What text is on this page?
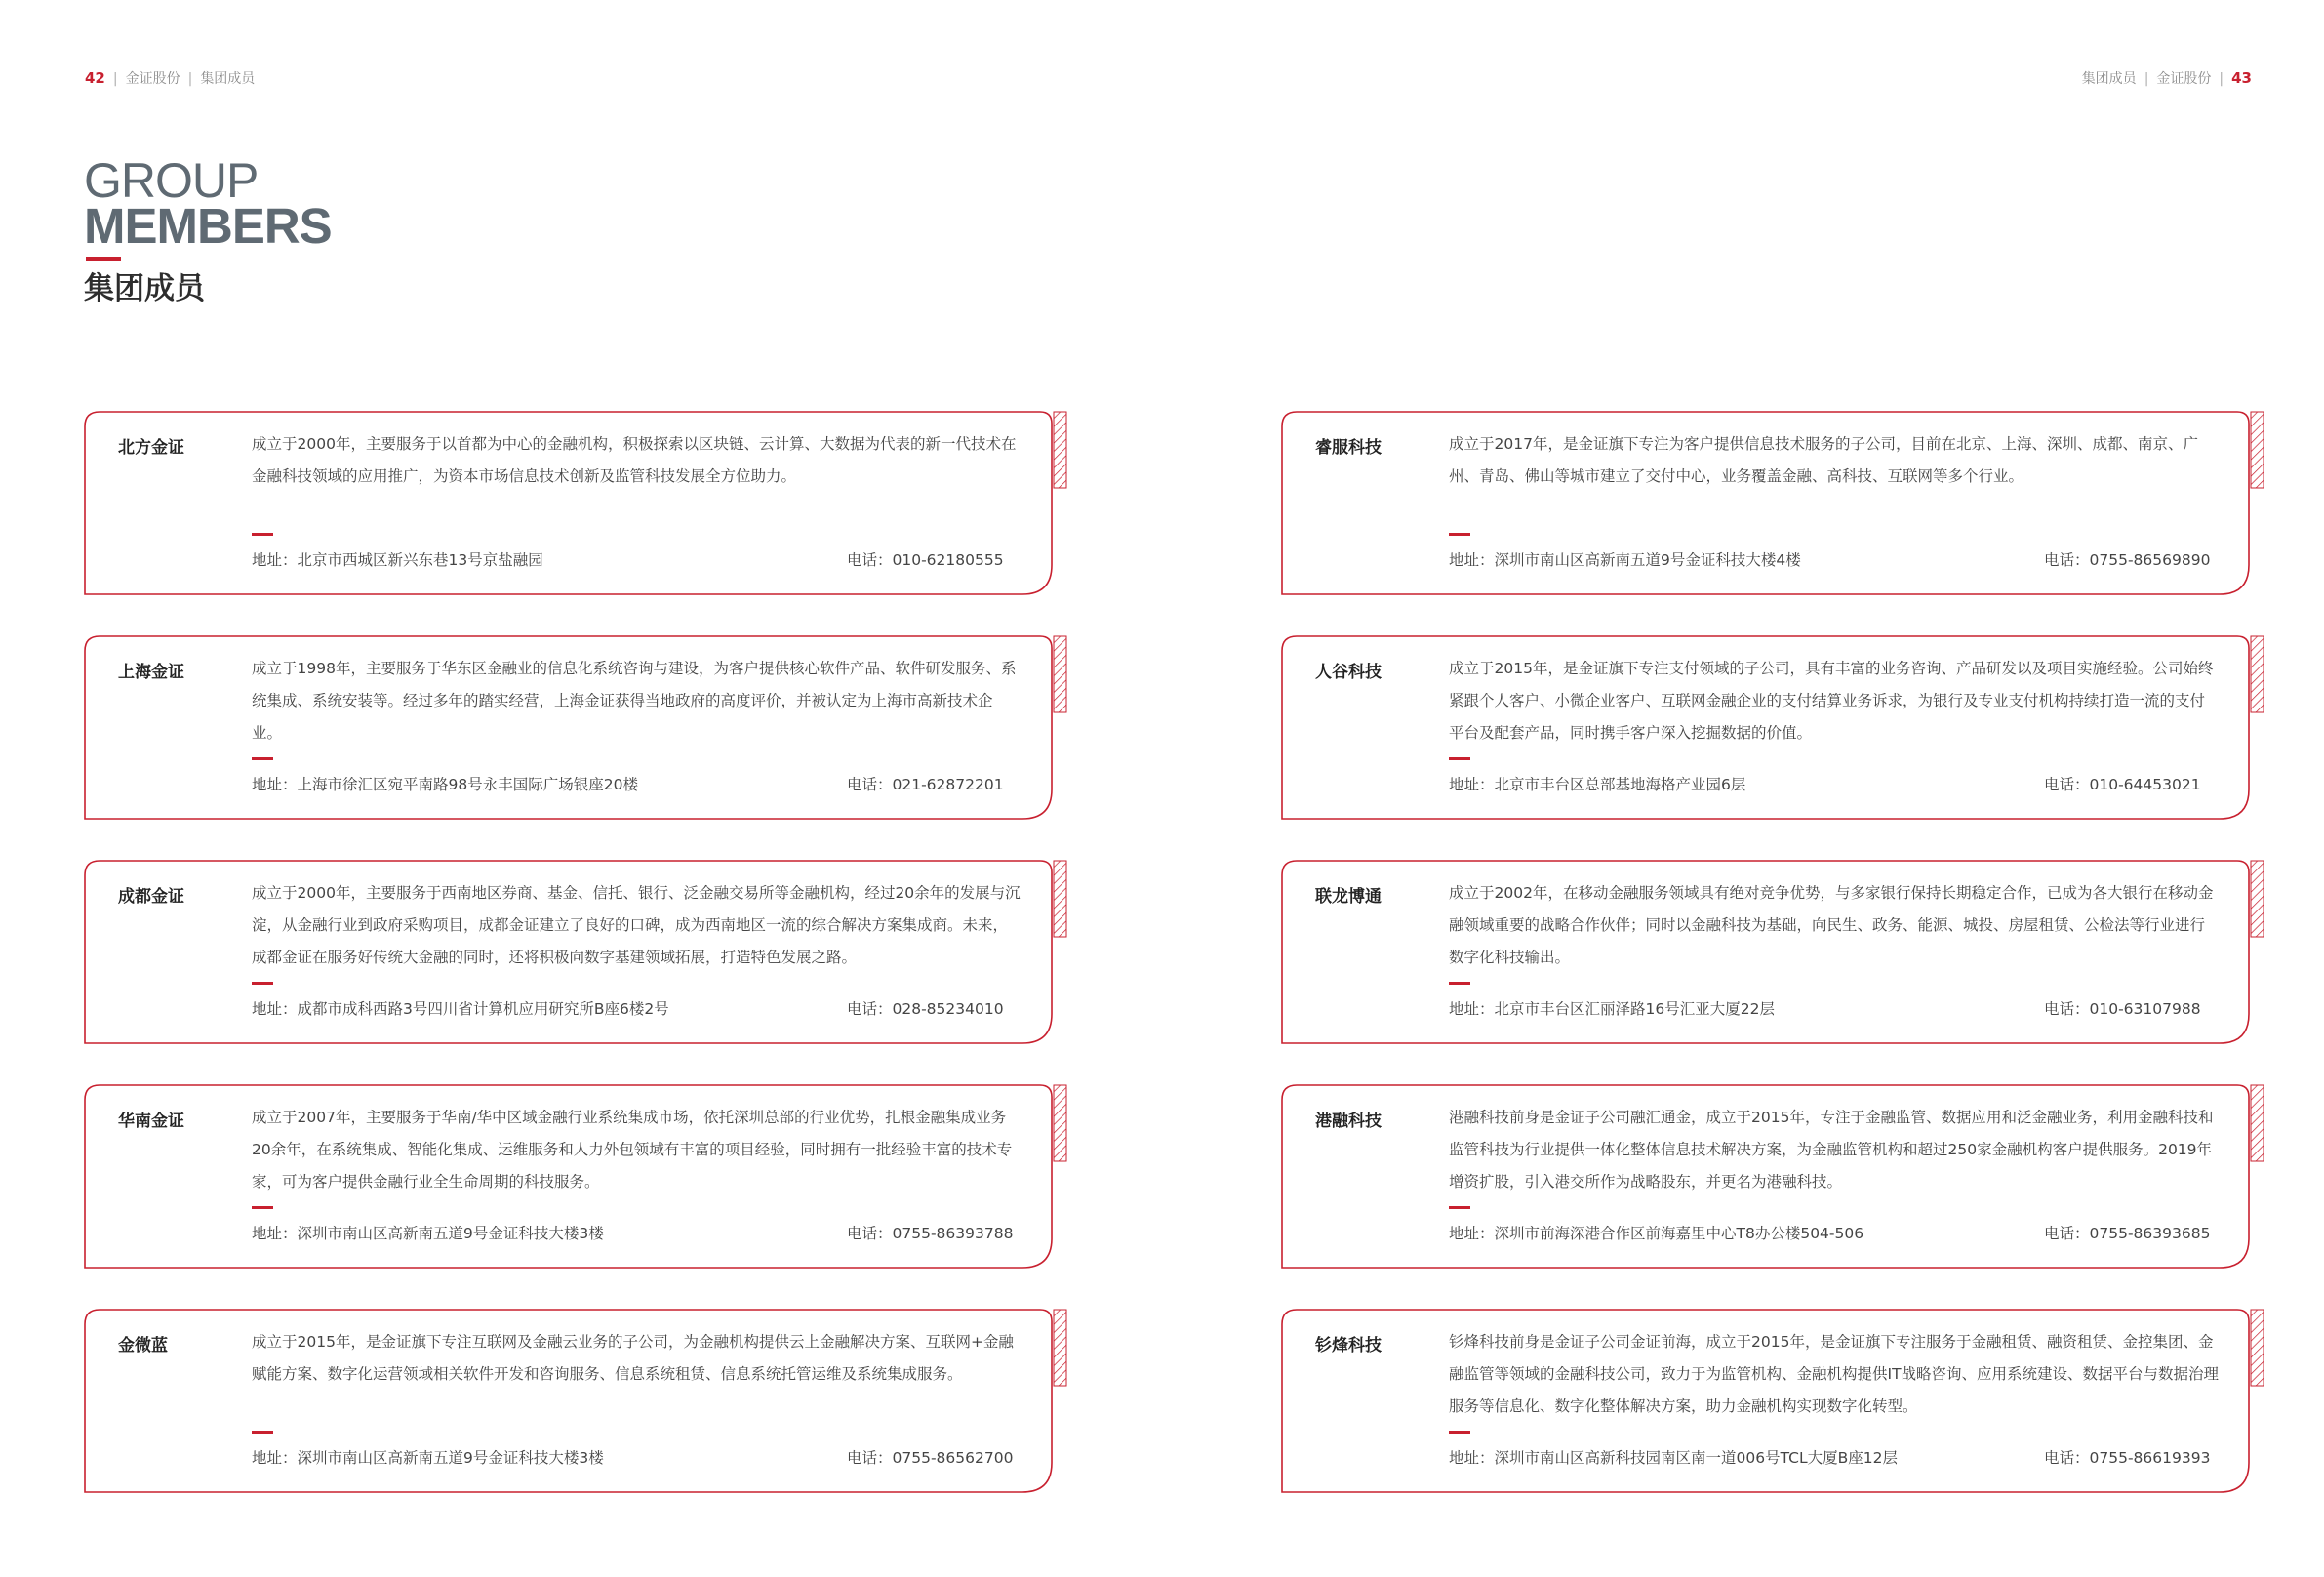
42 | 金证股份 | 集团成员	集团成员 | 金证股份 | 43
GROUP
MEMBERS
集团成员
北方金证	成立于2000年，主要服务于以首都为中心的金融机构，积极探索以区块链、云计算、大数据为代表的新一代技术在金融科技领域的应用推广，为资本市场信息技术创新及监管科技发展全方位助力。
地址：北京市西城区新兴东巷13号京盐融园	电话：010-62180555
上海金证	成立于1998年，主要服务于华东区金融业的信息化系统咨询与建设，为客户提供核心软件产品、软件研发服务、系统集成、系统安装等。经过多年的踏实经营，上海金证获得当地政府的高度评价，并被认定为上海市高新技术企业。
地址：上海市徐汇区宛平南路98号永丰国际广场银座20楼	电话：021-62872201
成都金证	成立于2000年，主要服务于西南地区券商、基金、信托、银行、泛金融交易所等金融机构，经过20余年的发展与沉淀，从金融行业到政府采购项目，成都金证建立了良好的口碑，成为西南地区一流的综合解决方案集成商。未来，成都金证在服务好传统大金融的同时，还将积极向数字基建领域拓展，打造特色发展之路。
地址：成都市成科西路3号四川省计算机应用研究所B座6楼2号	电话：028-85234010
华南金证	成立于2007年，主要服务于华南/华中区域金融行业系统集成市场，依托深圳总部的行业优势，扎根金融集成业务20余年，在系统集成、智能化集成、运维服务和人力外包领域有丰富的项目经验，同时拥有一批经验丰富的技术专家，可为客户提供金融行业全生命周期的科技服务。
地址：深圳市南山区高新南五道9号金证科技大楼3楼	电话：0755-86393788
金微蓝	成立于2015年，是金证旗下专注互联网及金融云业务的子公司，为金融机构提供云上金融解决方案、互联网+金融赋能方案、数字化运营领域相关软件开发和咨询服务、信息系统租赁、信息系统托管运维及系统集成服务。
地址：深圳市南山区高新南五道9号金证科技大楼3楼	电话：0755-86562700
睿服科技	成立于2017年，是金证旗下专注为客户提供信息技术服务的子公司，目前在北京、上海、深圳、成都、南京、广州、青岛、佛山等城市建立了交付中心，业务覆盖金融、高科技、互联网等多个行业。
地址：深圳市南山区高新南五道9号金证科技大楼4楼	电话：0755-86569890
人谷科技	成立于2015年，是金证旗下专注支付领域的子公司，具有丰富的业务咨询、产品研发以及项目实施经验。公司始终紧跟个人客户、小微企业客户、互联网金融企业的支付结算业务诉求，为银行及专业支付机构持续打造一流的支付平台及配套产品，同时携手客户深入挖掘数据的价值。
地址：北京市丰台区总部基地海格产业园6层	电话：010-64453021
联龙博通	成立于2002年，在移动金融服务领域具有绝对竞争优势，与多家银行保持长期稳定合作，已成为各大银行在移动金融领域重要的战略合作伙伴；同时以金融科技为基础，向民生、政务、能源、城投、房屋租赁、公检法等行业进行数字化科技输出。
地址：北京市丰台区汇丽泽路16号汇亚大厦22层	电话：010-63107988
港融科技	港融科技前身是金证子公司融汇通金，成立于2015年，专注于金融监管、数据应用和泛金融业务，利用金融科技和监管科技为行业提供一体化整体信息技术解决方案，为金融监管机构和超过250家金融机构客户提供服务。2019年增资扩股，引入港交所作为战略股东，并更名为港融科技。
地址：深圳市前海深港合作区前海嘉里中心T8办公楼504-506	电话：0755-86393685
钐烽科技	钐烽科技前身是金证子公司金证前海，成立于2015年，是金证旗下专注服务于金融租赁、融资租赁、金控集团、金融监管等领域的金融科技公司，致力于为监管机构、金融机构提供IT战略咨询、应用系统建设、数据平台与数据治理服务等信息化、数字化整体解决方案，助力金融机构实现数字化转型。
地址：深圳市南山区高新科技园南区南一道006号TCL大厦B座12层	电话：0755-86619393
